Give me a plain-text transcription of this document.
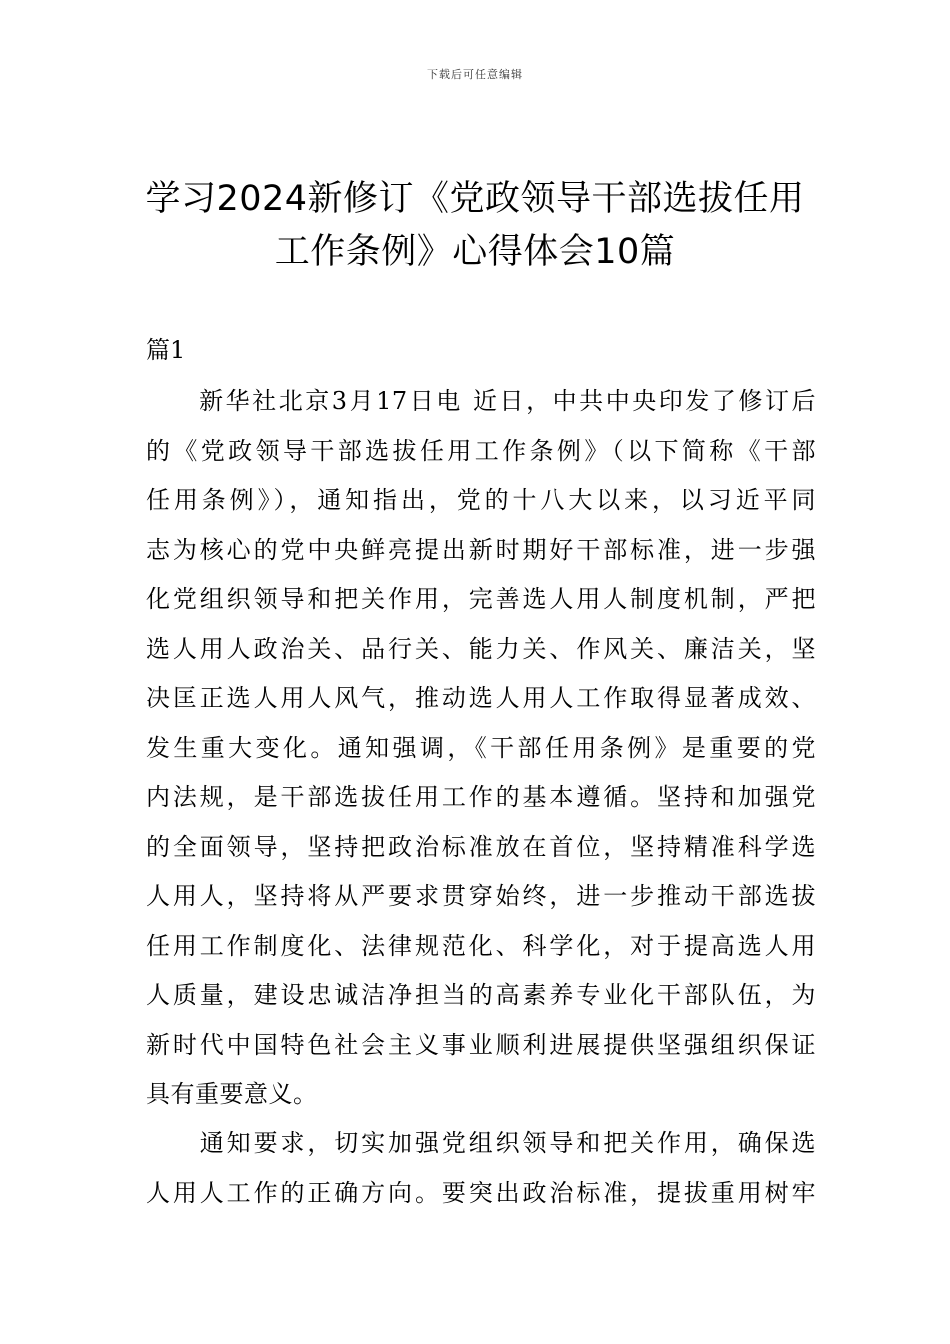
下载后可任意编辑
学习2024新修订《党政领导干部选拔任用
工作条例》心得体会10篇
篇1
　　新华社北京3月17日电 近日，中共中央印发了修订后
的《党政领导干部选拔任用工作条例》（以下简称《干部
任用条例》），通知指出，党的十八大以来，以习近平同
志为核心的党中央鲜亮提出新时期好干部标准，进一步强
化党组织领导和把关作用，完善选人用人制度机制，严把
选人用人政治关、品行关、能力关、作风关、廉洁关，坚
决匡正选人用人风气，推动选人用人工作取得显著成效、
发生重大变化。通知强调，《干部任用条例》是重要的党
内法规，是干部选拔任用工作的基本遵循。坚持和加强党
的全面领导，坚持把政治标准放在首位，坚持精准科学选
人用人，坚持将从严要求贯穿始终，进一步推动干部选拔
任用工作制度化、法律规范化、科学化，对于提高选人用
人质量，建设忠诚洁净担当的高素养专业化干部队伍，为
新时代中国特色社会主义事业顺利进展提供坚强组织保证
具有重要意义。
　　通知要求，切实加强党组织领导和把关作用，确保选
人用人工作的正确方向。要突出政治标准，提拔重用树牢
